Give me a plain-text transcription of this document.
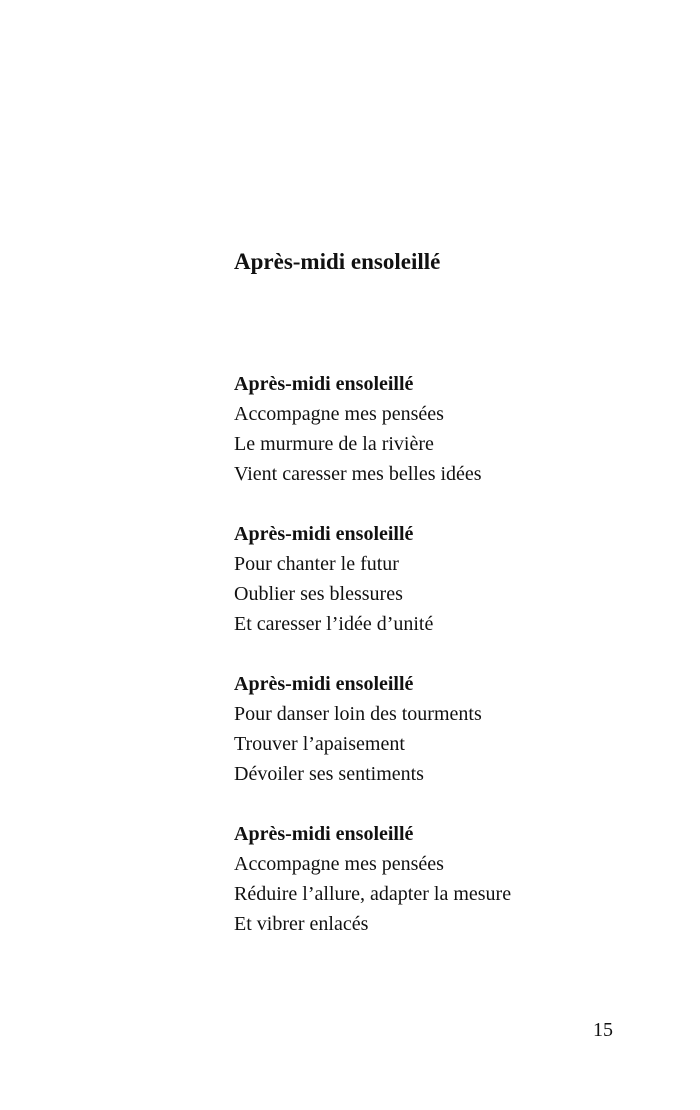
Après-midi ensoleillé
Après-midi ensoleillé
Accompagne mes pensées
Le murmure de la rivière
Vient caresser mes belles idées
Après-midi ensoleillé
Pour chanter le futur
Oublier ses blessures
Et caresser l’idée d’unité
Après-midi ensoleillé
Pour danser loin des tourments
Trouver l’apaisement
Dévoiler ses sentiments
Après-midi ensoleillé
Accompagne mes pensées
Réduire l’allure, adapter la mesure
Et vibrer enlacés
15
